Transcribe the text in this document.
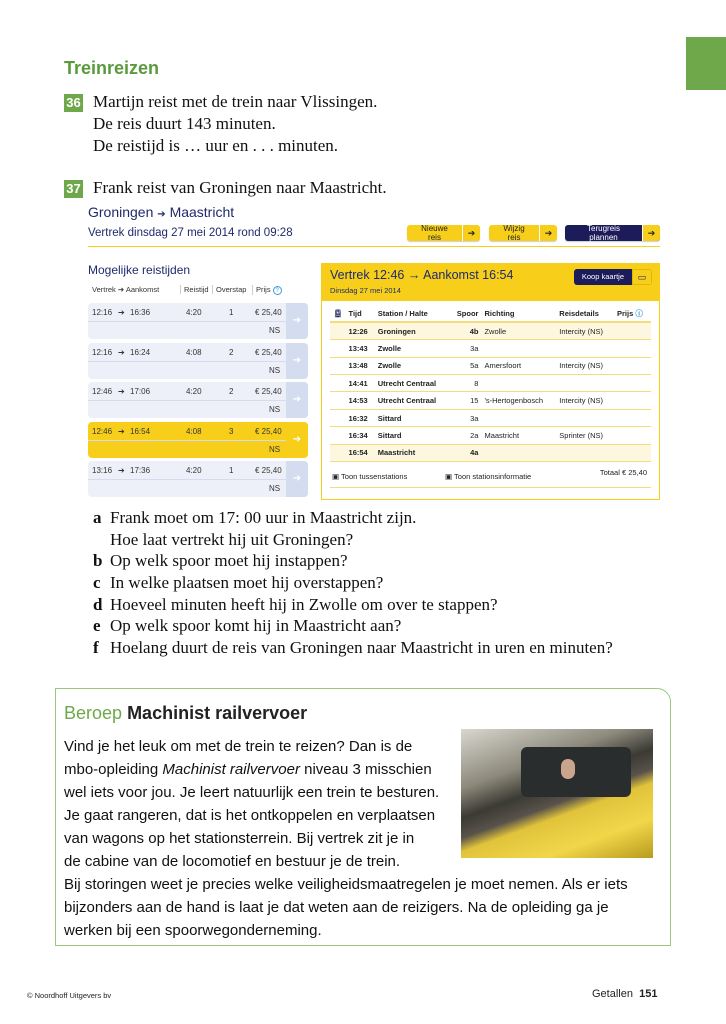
Treinreizen
36 Martijn reist met de trein naar Vlissingen.
De reis duurt 143 minuten.
De reistijd is … uur en . . . minuten.
37 Frank reist van Groningen naar Maastricht.
Groningen ➔ Maastricht
Vertrek dinsdag 27 mei 2014 rond 09:28	Nieuwe reis	➔	Wijzig reis	➔	Terugreis plannen	➔
Mogelijke reistijden
Vertrek ➔ Aankomst	Reistijd Overstap	Prijs ?
12:16 ➔ 16:36	4:20	1	€ 25,40
NS
➔
12:16 ➔ 16:24	4:08	2	€ 25,40
NS
➔
12:46 ➔ 17:06	4:20	2	€ 25,40
NS
➔
12:46 ➔ 16:54	4:08	3	€ 25,40
NS
➔
13:16 ➔ 17:36	4:20	1	€ 25,40
NS
➔
Vertrek 12:46 → Aankomst 16:54
Dinsdag 27 mei 2014
Koop kaartje	▭
🚆︎	Tijd	Station / Halte	Spoor	Richting	Reisdetails	Prijs ⓘ
	12:26	Groningen	4b	Zwolle	Intercity (NS)	
	13:43	Zwolle	3a			
	13:48	Zwolle	5a	Amersfoort	Intercity (NS)	
	14:41	Utrecht Centraal	8			
	14:53	Utrecht Centraal	15	's-Hertogenbosch	Intercity (NS)	
	16:32	Sittard	3a			
	16:34	Sittard	2a	Maastricht	Sprinter (NS)	
	16:54	Maastricht	4a			
▣ Toon tussenstations	▣ Toon stationsinformatie	Totaal € 25,40
a Frank moet om 17: 00 uur in Maastricht zijn.
Hoe laat vertrekt hij uit Groningen?
b Op welk spoor moet hij instappen?
c In welke plaatsen moet hij overstappen?
d Hoeveel minuten heeft hij in Zwolle om over te stappen?
e Op welk spoor komt hij in Maastricht aan?
f Hoelang duurt de reis van Groningen naar Maastricht in uren en minuten?
Beroep Machinist railvervoer
Vind je het leuk om met de trein te reizen? Dan is de
mbo-opleiding Machinist railvervoer niveau 3 misschien
wel iets voor jou. Je leert natuurlijk een trein te besturen.
Je gaat rangeren, dat is het ontkoppelen en verplaatsen
van wagons op het stationsterrein. Bij vertrek zit je in
de cabine van de locomotief en bestuur je de trein.
Bij storingen weet je precies welke veiligheidsmaatregelen je moet nemen. Als er iets
bijzonders aan de hand is laat je dat weten aan de reizigers. Na de opleiding ga je
werken bij een spoorwegonderneming.
© Noordhoff Uitgevers bv	Getallen 151
